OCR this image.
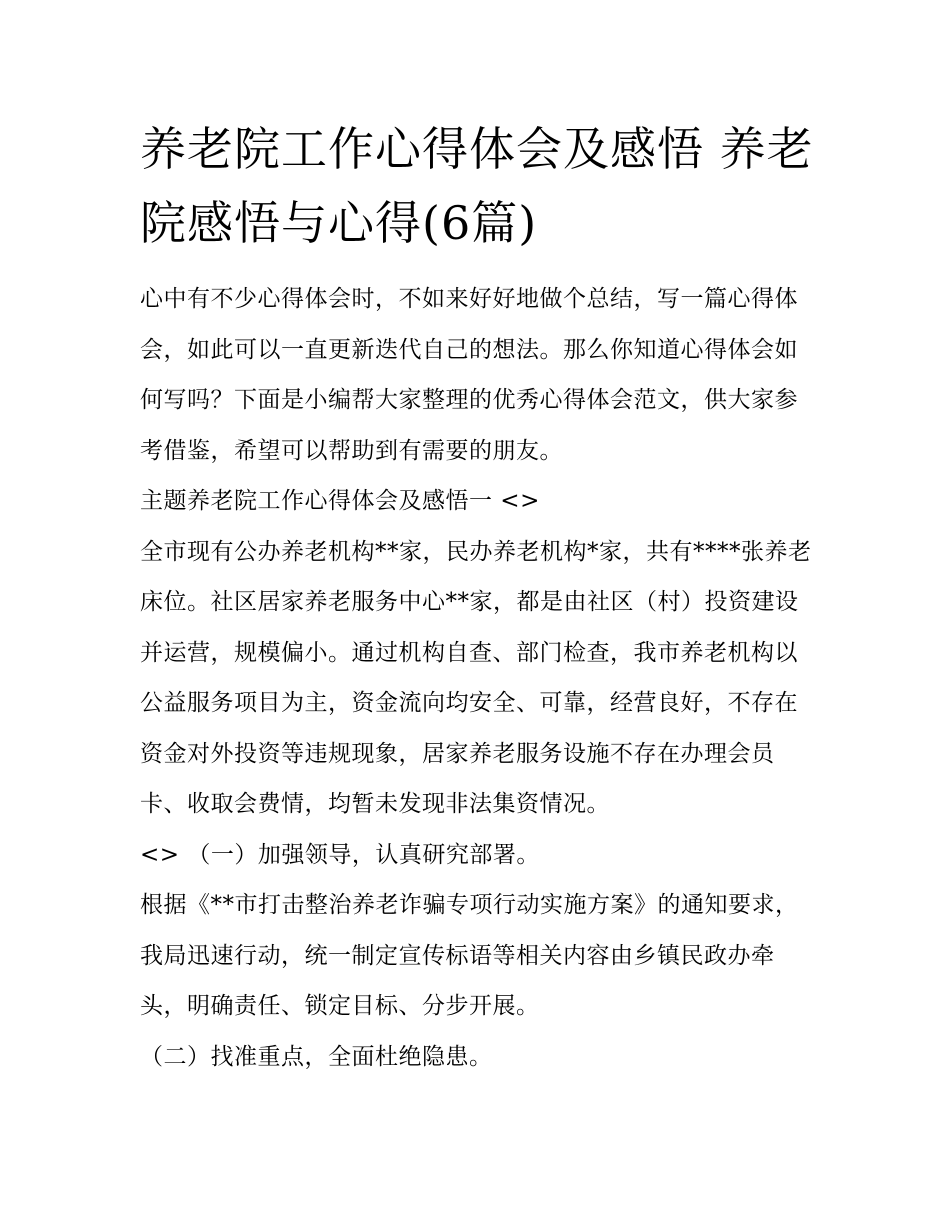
养老院工作心得体会及感悟 养老院感悟与心得(6篇)

心中有不少心得体会时，不如来好好地做个总结，写一篇心得体会，如此可以一直更新迭代自己的想法。那么你知道心得体会如何写吗？下面是小编帮大家整理的优秀心得体会范文，供大家参考借鉴，希望可以帮助到有需要的朋友。

主题养老院工作心得体会及感悟一 <>

全市现有公办养老机构**家，民办养老机构*家，共有****张养老床位。社区居家养老服务中心**家，都是由社区（村）投资建设并运营，规模偏小。通过机构自查、部门检查，我市养老机构以公益服务项目为主，资金流向均安全、可靠，经营良好，不存在资金对外投资等违规现象，居家养老服务设施不存在办理会员卡、收取会费情，均暂未发现非法集资情况。

<> （一）加强领导，认真研究部署。

根据《**市打击整治养老诈骗专项行动实施方案》的通知要求，我局迅速行动，统一制定宣传标语等相关内容由乡镇民政办牵头，明确责任、锁定目标、分步开展。

（二）找准重点，全面杜绝隐患。
